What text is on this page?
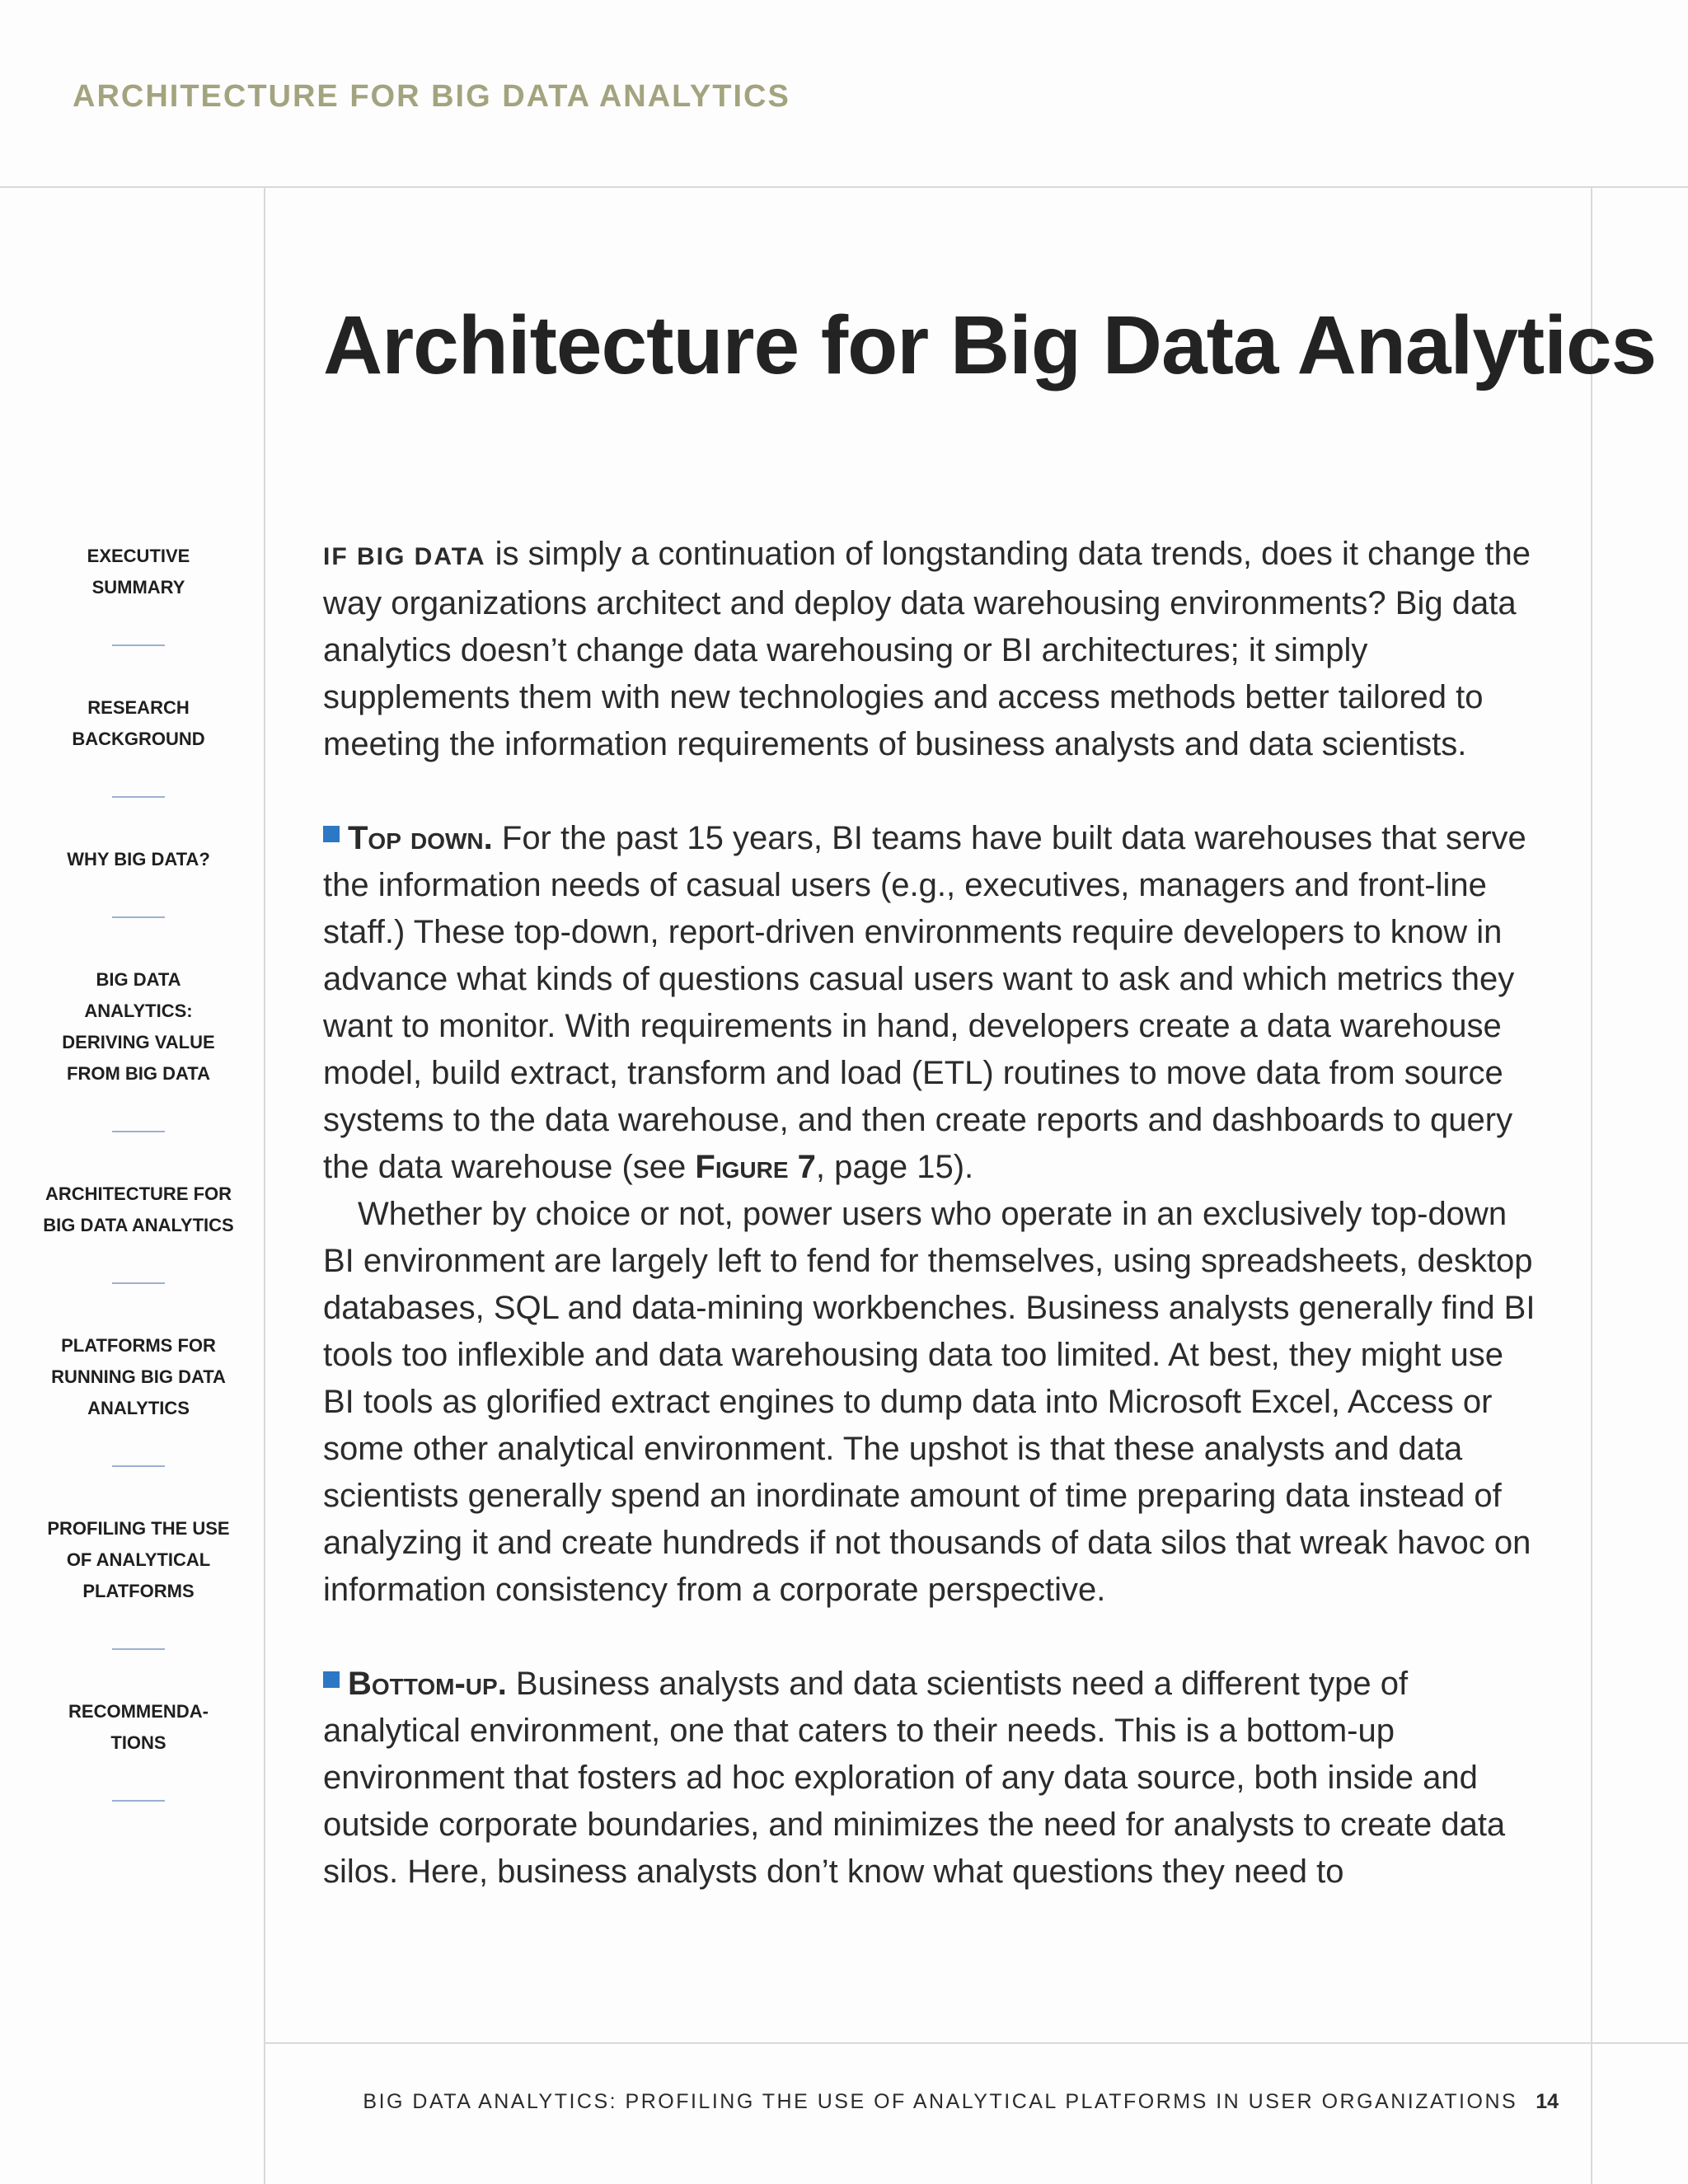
ARCHITECTURE FOR BIG DATA ANALYTICS
EXECUTIVE SUMMARY
RESEARCH BACKGROUND
WHY BIG DATA?
BIG DATA ANALYTICS: DERIVING VALUE FROM BIG DATA
ARCHITECTURE FOR BIG DATA ANALYTICS
PLATFORMS FOR RUNNING BIG DATA ANALYTICS
PROFILING THE USE OF ANALYTICAL PLATFORMS
RECOMMENDA-TIONS
Architecture for Big Data Analytics

IF BIG DATA is simply a continuation of longstanding data trends, does it change the way organizations architect and deploy data warehousing environments? Big data analytics doesn’t change data warehousing or BI architectures; it simply supplements them with new technologies and access methods better tailored to meeting the information requirements of business analysts and data scientists.

Top down. For the past 15 years, BI teams have built data warehouses that serve the information needs of casual users (e.g., executives, managers and front-line staff.) These top-down, report-driven environments require developers to know in advance what kinds of questions casual users want to ask and which metrics they want to monitor. With requirements in hand, developers create a data warehouse model, build extract, transform and load (ETL) routines to move data from source systems to the data warehouse, and then create reports and dashboards to query the data warehouse (see Figure 7, page 15).

Whether by choice or not, power users who operate in an exclusively top-down BI environment are largely left to fend for themselves, using spreadsheets, desktop databases, SQL and data-mining workbenches. Business analysts generally find BI tools too inflexible and data warehousing data too limited. At best, they might use BI tools as glorified extract engines to dump data into Microsoft Excel, Access or some other analytical environment. The upshot is that these analysts and data scientists generally spend an inordinate amount of time preparing data instead of analyzing it and create hundreds if not thousands of data silos that wreak havoc on information consistency from a corporate perspective.

Bottom-up. Business analysts and data scientists need a different type of analytical environment, one that caters to their needs. This is a bottom-up environment that fosters ad hoc exploration of any data source, both inside and outside corporate boundaries, and minimizes the need for analysts to create data silos. Here, business analysts don’t know what questions they need to

BIG DATA ANALYTICS: PROFILING THE USE OF ANALYTICAL PLATFORMS IN USER ORGANIZATIONS 14
